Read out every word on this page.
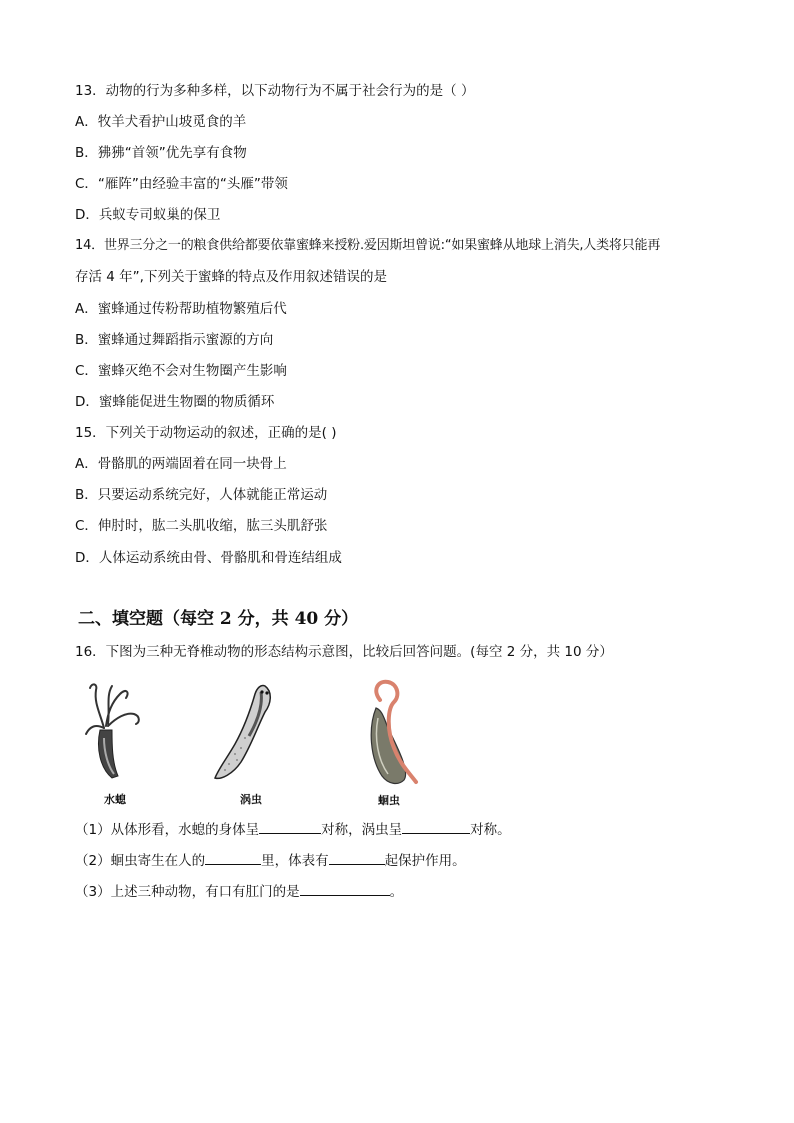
13．动物的行为多种多样，以下动物行为不属于社会行为的是（ ）
A．牧羊犬看护山坡觅食的羊
B．狒狒“首领”优先享有食物
C．“雁阵”由经验丰富的“头雁”带领
D．兵蚁专司蚁巢的保卫
14．世界三分之一的粮食供给都要依靠蜜蜂来授粉.爱因斯坦曾说:“如果蜜蜂从地球上消失,人类将只能再
存活 4 年”,下列关于蜜蜂的特点及作用叙述错误的是
A．蜜蜂通过传粉帮助植物繁殖后代
B．蜜蜂通过舞蹈指示蜜源的方向
C．蜜蜂灭绝不会对生物圈产生影响
D．蜜蜂能促进生物圈的物质循环
15．下列关于动物运动的叙述，正确的是( )
A．骨骼肌的两端固着在同一块骨上
B．只要运动系统完好，人体就能正常运动
C．伸肘时，肱二头肌收缩，肱三头肌舒张
D．人体运动系统由骨、骨骼肌和骨连结组成
二、填空题（每空 2 分，共 40 分）
16．下图为三种无脊椎动物的形态结构示意图，比较后回答问题。(每空 2 分，共 10 分）
水螅	涡虫	蛔虫
（1）从体形看，水螅的身体呈	对称，涡虫呈	对称。
（2）蛔虫寄生在人的	里，体表有	起保护作用。
（3）上述三种动物，有口有肛门的是	。
